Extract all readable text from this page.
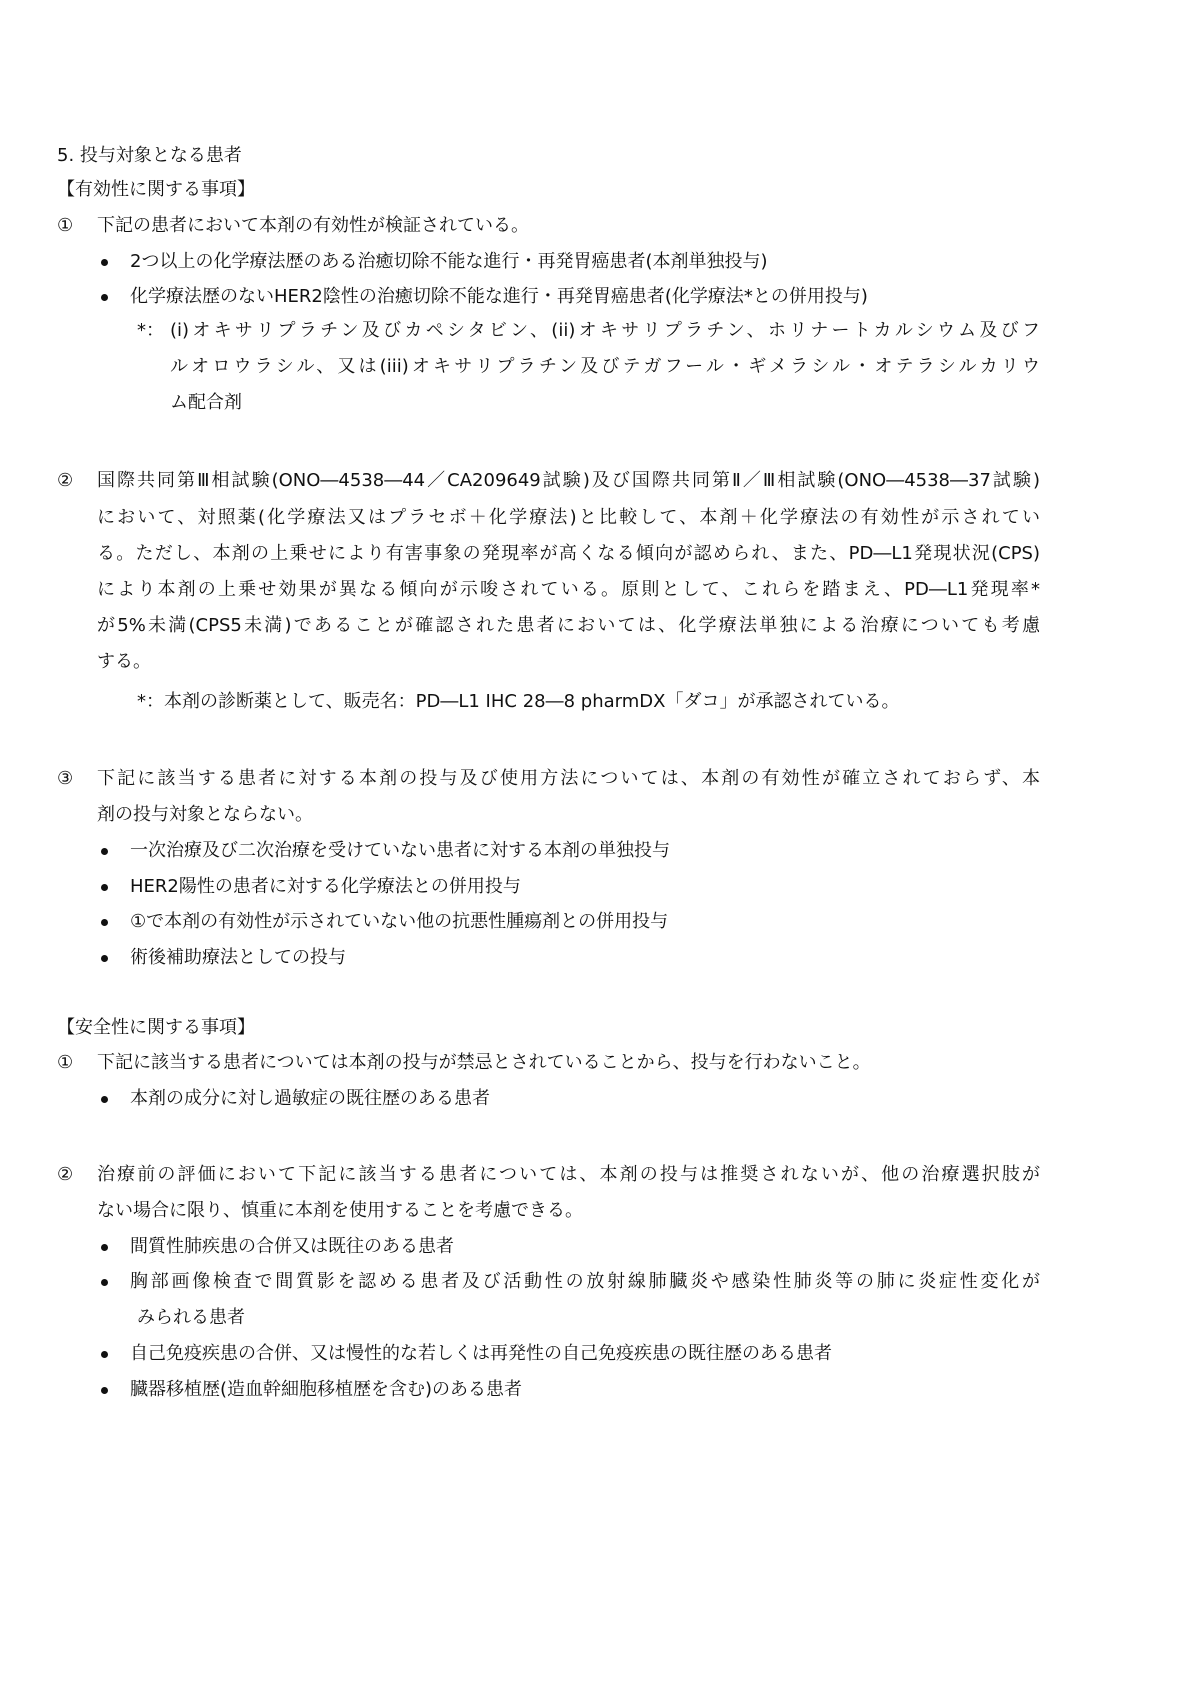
5. 投与対象となる患者
【有効性に関する事項】
① 下記の患者において本剤の有効性が検証されている。
2つ以上の化学療法歴のある治癒切除不能な進行・再発胃癌患者(本剤単独投与)
化学療法歴のないHER2陰性の治癒切除不能な進行・再発胃癌患者(化学療法*との併用投与)
*： (i)オキサリプラチン及びカペシタビン、(ii)オキサリプラチン、ホリナートカルシウム及びフ
ルオロウラシル、又は(iii)オキサリプラチン及びテガフール・ギメラシル・オテラシルカリウ
ム配合剤
② 国際共同第Ⅲ相試験(ONO―4538―44／CA209649試験)及び国際共同第Ⅱ／Ⅲ相試験(ONO―4538―37試験)
において、対照薬(化学療法又はプラセボ＋化学療法)と比較して、本剤＋化学療法の有効性が示されてい
る。ただし、本剤の上乗せにより有害事象の発現率が高くなる傾向が認められ、また、PD―L1発現状況(CPS)
により本剤の上乗せ効果が異なる傾向が示唆されている。原則として、これらを踏まえ、PD―L1発現率*
が5%未満(CPS5未満)であることが確認された患者においては、化学療法単独による治療についても考慮
する。
*：本剤の診断薬として、販売名：PD―L1 IHC 28―8 pharmDX「ダコ」が承認されている。
③ 下記に該当する患者に対する本剤の投与及び使用方法については、本剤の有効性が確立されておらず、本
剤の投与対象とならない。
一次治療及び二次治療を受けていない患者に対する本剤の単独投与
HER2陽性の患者に対する化学療法との併用投与
①で本剤の有効性が示されていない他の抗悪性腫瘍剤との併用投与
術後補助療法としての投与
【安全性に関する事項】
① 下記に該当する患者については本剤の投与が禁忌とされていることから、投与を行わないこと。
本剤の成分に対し過敏症の既往歴のある患者
② 治療前の評価において下記に該当する患者については、本剤の投与は推奨されないが、他の治療選択肢が
ない場合に限り、慎重に本剤を使用することを考慮できる。
間質性肺疾患の合併又は既往のある患者
胸部画像検査で間質影を認める患者及び活動性の放射線肺臓炎や感染性肺炎等の肺に炎症性変化が
みられる患者
自己免疫疾患の合併、又は慢性的な若しくは再発性の自己免疫疾患の既往歴のある患者
臓器移植歴(造血幹細胞移植歴を含む)のある患者
